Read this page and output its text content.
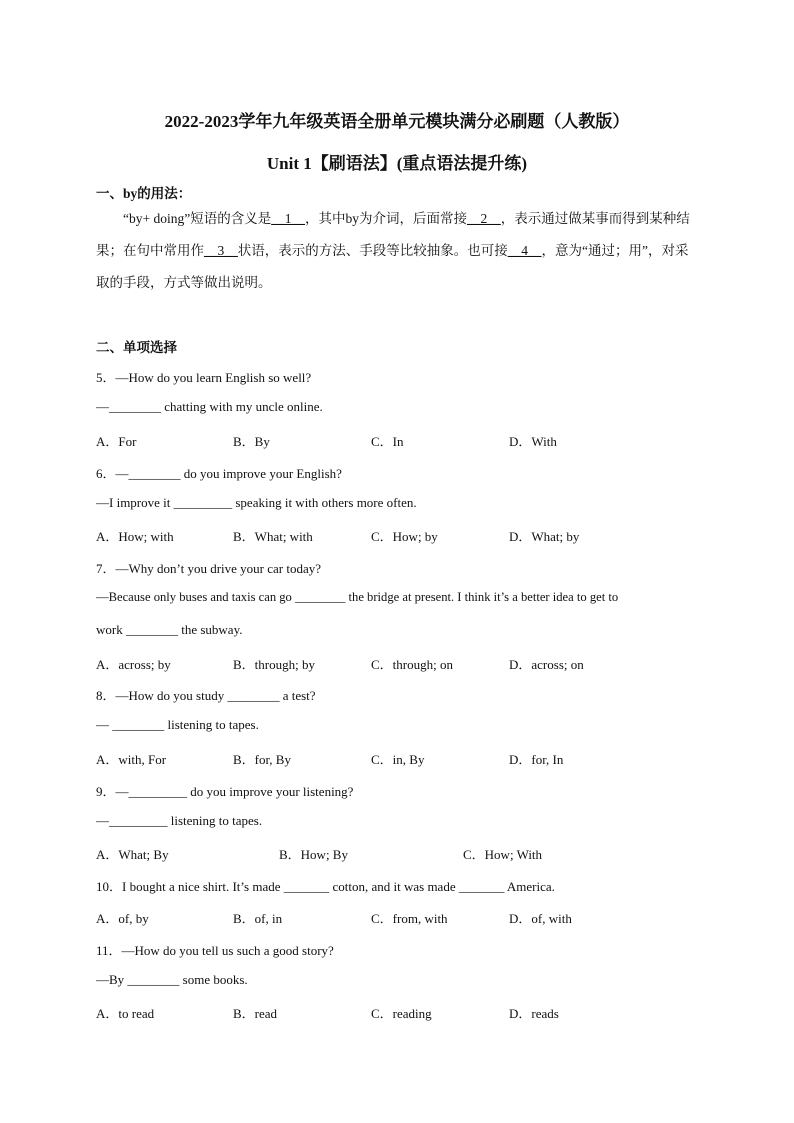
2022-2023学年九年级英语全册单元模块满分必刷题（人教版）
Unit 1【刷语法】(重点语法提升练)
一、by的用法：
“by+ doing”短语的含义是__1__，其中by为介词，后面常接__2__，表示通过做某事而得到某种结果；在句中常用作__3__状语，表示的方法、手段等比较抽象。也可接__4__，意为“通过；用”，对采取的手段，方式等做出说明。
二、单项选择
5．—How do you learn English so well?
—________ chatting with my uncle online.
A．For	B．By	C．In	D．With
6．—________ do you improve your English?
—I improve it _________ speaking it with others more often.
A．How; with	B．What; with	C．How; by	D．What; by
7．—Why don’t you drive your car today?
—Because only buses and taxis can go ________ the bridge at present. I think it’s a better idea to get to
work ________ the subway.
A．across; by	B．through; by	C．through; on	D．across; on
8．—How do you study ________ a test?
— ________ listening to tapes.
A．with, For	B．for, By	C．in, By	D．for, In
9．—_________ do you improve your listening?
—_________ listening to tapes.
A．What; By	B．How; By	C．How; With
10．I bought a nice shirt. It’s made _______ cotton, and it was made _______ America.
A．of, by	B．of, in	C．from, with	D．of, with
11．—How do you tell us such a good story?
—By ________ some books.
A．to read	B．read	C．reading	D．reads
